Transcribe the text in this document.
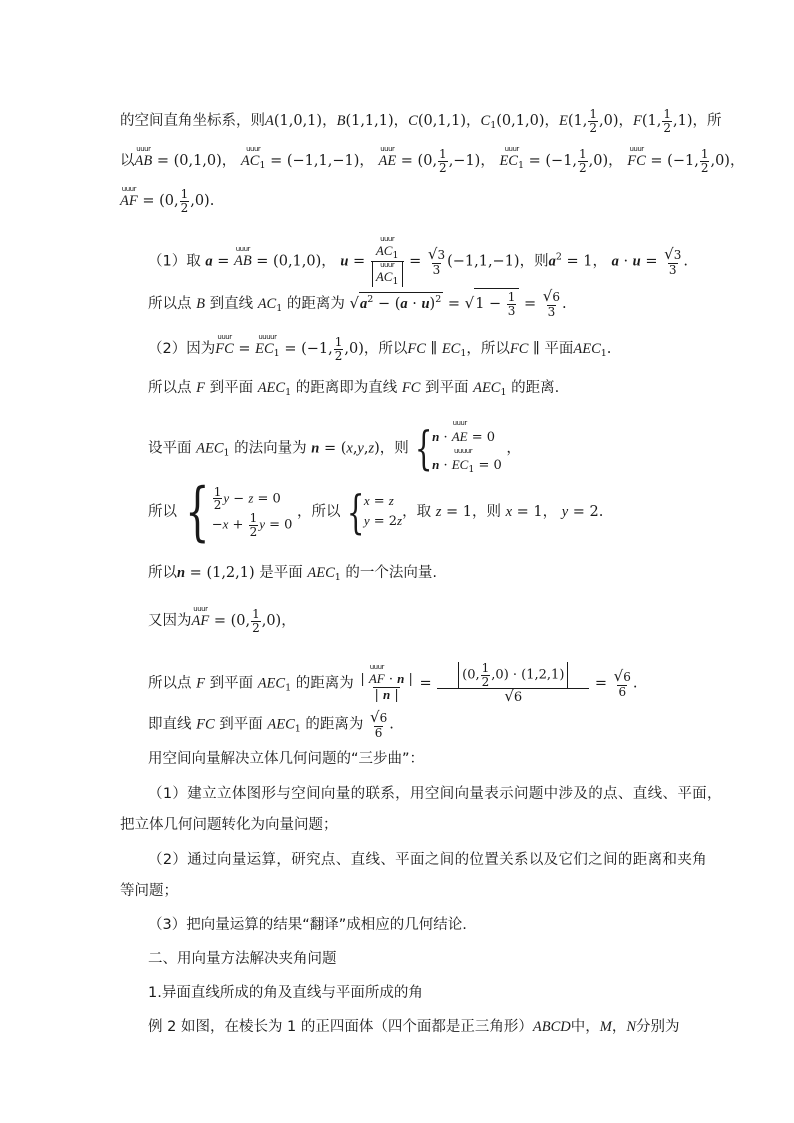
的空间直角坐标系，则A(1,0,1)，B(1,1,1)，C(0,1,1)，$C_1(0,1,0)$，E(1, $\frac{1}{2} ,0$)，F(1, $\frac{1}{2} ,1$)，所
以
uuur
AB = (0,1,0)，
uuur
$AC_1 = (-1,1,-1)$，
uuur
AE = (0, $\frac{1}{2} ,-1$)，
uuur
$EC_1 = (-1$, $\frac{1}{2} ,0$)，
uuur
FC = (−1, $\frac{1}{2} ,0$)，
uuur
AF = (0, $\frac{1}{2} ,0$).
（1）取 a =
uuur
AB = (0,1,0)， u =
uuur
$AC_1$
uuur
$AC_1$
= $\frac{√3}{3} (-1,1,-1)$，则$a^2 = 1$， $a \cdot u = \frac{√3}{3}$ .
所以点 B 到直线 $AC_1$ 的距离为 $√a^2 - (a \cdot u)^2 = √1 - \frac{1}{3} = \frac{√6}{3}$ .
（2）因为
uuur
FC =
uuuur
$EC_1 = (-1$, $\frac{1}{2} ,0$)，所以FC ∥ $EC_1$，所以FC ∥ 平面$AEC_1$.
所以点 F 到平面 $AEC_1$ 的距离即为直线 FC 到平面 $AEC_1$ 的距离.
设平面 $AEC_1$ 的法向量为 n = (x,y,z)，则 { n ·
uuur
AE = 0
n ·
uuuur
$EC_1 = 0$
，
所以 { $\frac{1}{2}$ y − z = 0
$-x + \frac{1}{2}$ y = 0
，所以 { x = z
y = 2z
，取 z = 1，则 x = 1， y = 2.
所以n = (1,2,1) 是平面 $AEC_1$ 的一个法向量.
又因为
uuur
AF = (0, $\frac{1}{2} ,0$)，
所以点 F 到平面 $AEC_1$ 的距离为 |
uuur
AF · n |
| n |
= $\frac{(0, \frac{1}{2} ,0) \cdot (1,2,1)}{√6} = \frac{√6}{6}$ .
即直线 FC 到平面 $AEC_1$ 的距离为 $\frac{√6}{6}$ .
用空间向量解决立体几何问题的“三步曲”：
（1）建立立体图形与空间向量的联系，用空间向量表示问题中涉及的点、直线、平面，
把立体几何问题转化为向量问题；
（2）通过向量运算，研究点、直线、平面之间的位置关系以及它们之间的距离和夹角
等问题；
（3）把向量运算的结果“翻译”成相应的几何结论.
二、用向量方法解决夹角问题
1.异面直线所成的角及直线与平面所成的角
例 2 如图，在棱长为 1 的正四面体（四个面都是正三角形）ABCD中，M，N分别为
